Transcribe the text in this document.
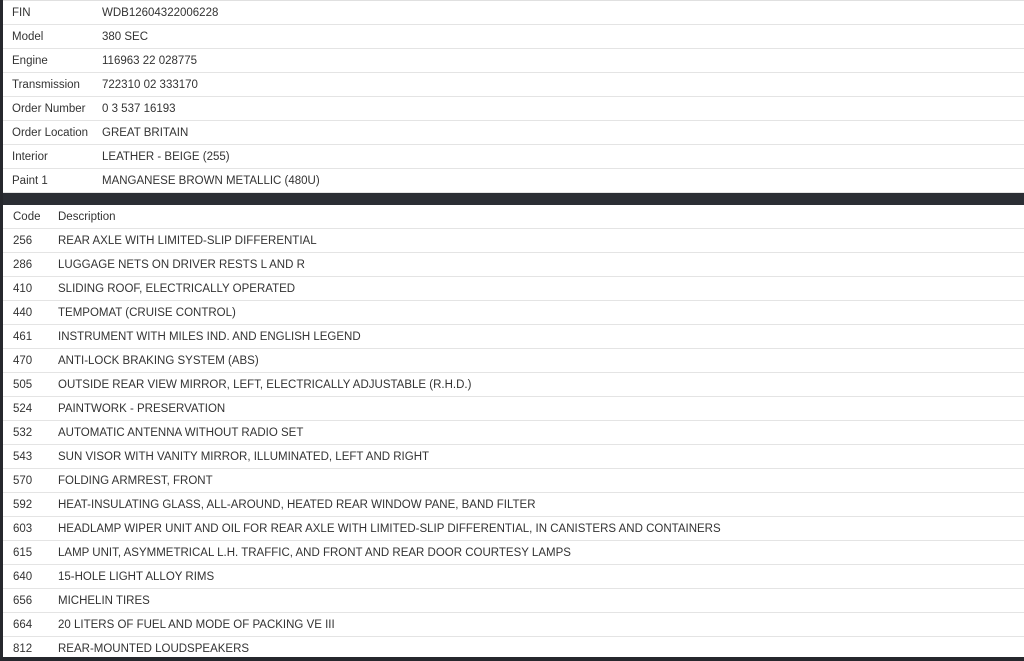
FIN	WDB12604322006228
Model	380 SEC
Engine	116963 22 028775
Transmission	722310 02 333170
Order Number	0 3 537 16193
Order Location	GREAT BRITAIN
Interior	LEATHER - BEIGE (255)
Paint 1	MANGANESE BROWN METALLIC (480U)
Code	Description
256	REAR AXLE WITH LIMITED-SLIP DIFFERENTIAL
286	LUGGAGE NETS ON DRIVER RESTS L AND R
410	SLIDING ROOF, ELECTRICALLY OPERATED
440	TEMPOMAT (CRUISE CONTROL)
461	INSTRUMENT WITH MILES IND. AND ENGLISH LEGEND
470	ANTI-LOCK BRAKING SYSTEM (ABS)
505	OUTSIDE REAR VIEW MIRROR, LEFT, ELECTRICALLY ADJUSTABLE (R.H.D.)
524	PAINTWORK - PRESERVATION
532	AUTOMATIC ANTENNA WITHOUT RADIO SET
543	SUN VISOR WITH VANITY MIRROR, ILLUMINATED, LEFT AND RIGHT
570	FOLDING ARMREST, FRONT
592	HEAT-INSULATING GLASS, ALL-AROUND, HEATED REAR WINDOW PANE, BAND FILTER
603	HEADLAMP WIPER UNIT AND OIL FOR REAR AXLE WITH LIMITED-SLIP DIFFERENTIAL, IN CANISTERS AND CONTAINERS
615	LAMP UNIT, ASYMMETRICAL L.H. TRAFFIC, AND FRONT AND REAR DOOR COURTESY LAMPS
640	15-HOLE LIGHT ALLOY RIMS
656	MICHELIN TIRES
664	20 LITERS OF FUEL AND MODE OF PACKING VE III
812	REAR-MOUNTED LOUDSPEAKERS
